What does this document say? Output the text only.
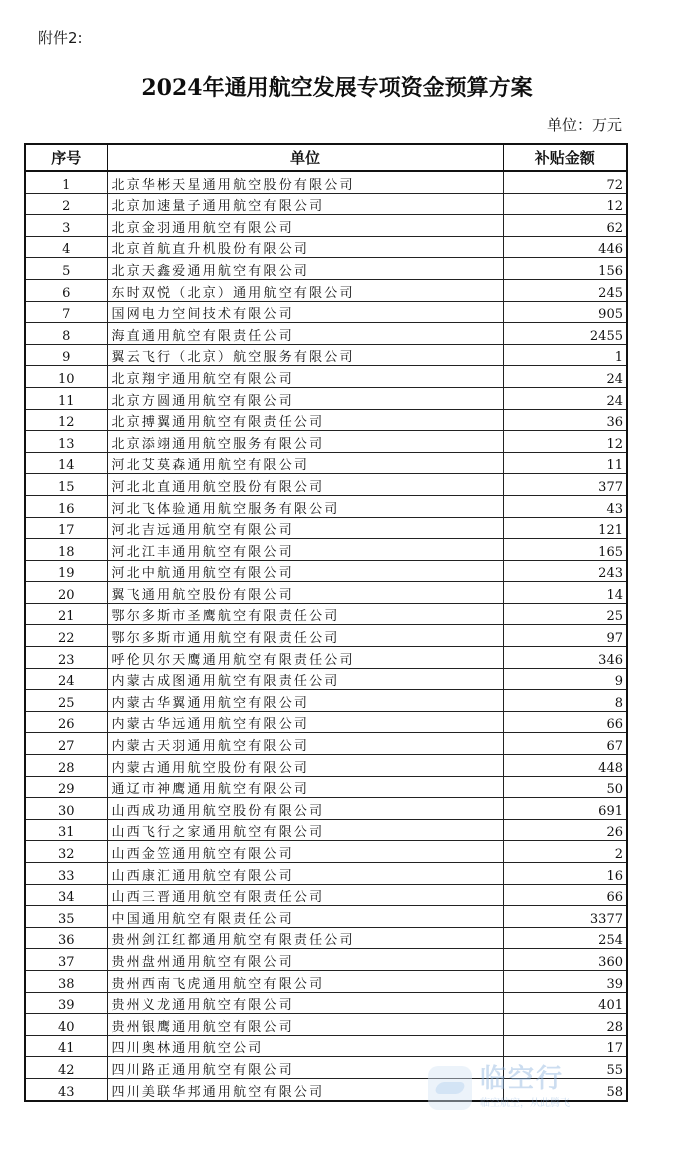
附件2:
2024年通用航空发展专项资金预算方案
单位：万元
序号	单位	补贴金额
1	北京华彬天星通用航空股份有限公司	72
2	北京加速量子通用航空有限公司	12
3	北京金羽通用航空有限公司	62
4	北京首航直升机股份有限公司	446
5	北京天鑫爱通用航空有限公司	156
6	东时双悦（北京）通用航空有限公司	245
7	国网电力空间技术有限公司	905
8	海直通用航空有限责任公司	2455
9	翼云飞行（北京）航空服务有限公司	1
10	北京翔宇通用航空有限公司	24
11	北京方圆通用航空有限公司	24
12	北京搏翼通用航空有限责任公司	36
13	北京添翊通用航空服务有限公司	12
14	河北艾莫森通用航空有限公司	11
15	河北北直通用航空股份有限公司	377
16	河北飞体验通用航空服务有限公司	43
17	河北吉远通用航空有限公司	121
18	河北江丰通用航空有限公司	165
19	河北中航通用航空有限公司	243
20	翼飞通用航空股份有限公司	14
21	鄂尔多斯市圣鹰航空有限责任公司	25
22	鄂尔多斯市通用航空有限责任公司	97
23	呼伦贝尔天鹰通用航空有限责任公司	346
24	内蒙古成图通用航空有限责任公司	9
25	内蒙古华翼通用航空有限公司	8
26	内蒙古华远通用航空有限公司	66
27	内蒙古天羽通用航空有限公司	67
28	内蒙古通用航空股份有限公司	448
29	通辽市神鹰通用航空有限公司	50
30	山西成功通用航空股份有限公司	691
31	山西飞行之家通用航空有限公司	26
32	山西金笠通用航空有限公司	2
33	山西康汇通用航空有限公司	16
34	山西三晋通用航空有限责任公司	66
35	中国通用航空有限责任公司	3377
36	贵州剑江红都通用航空有限责任公司	254
37	贵州盘州通用航空有限公司	360
38	贵州西南飞虎通用航空有限公司	39
39	贵州义龙通用航空有限公司	401
40	贵州银鹰通用航空有限公司	28
41	四川奥林通用航空公司	17
42	四川路正通用航空有限公司	55
43	四川美联华邦通用航空有限公司	58
临空行
临空航空，从此腾飞
